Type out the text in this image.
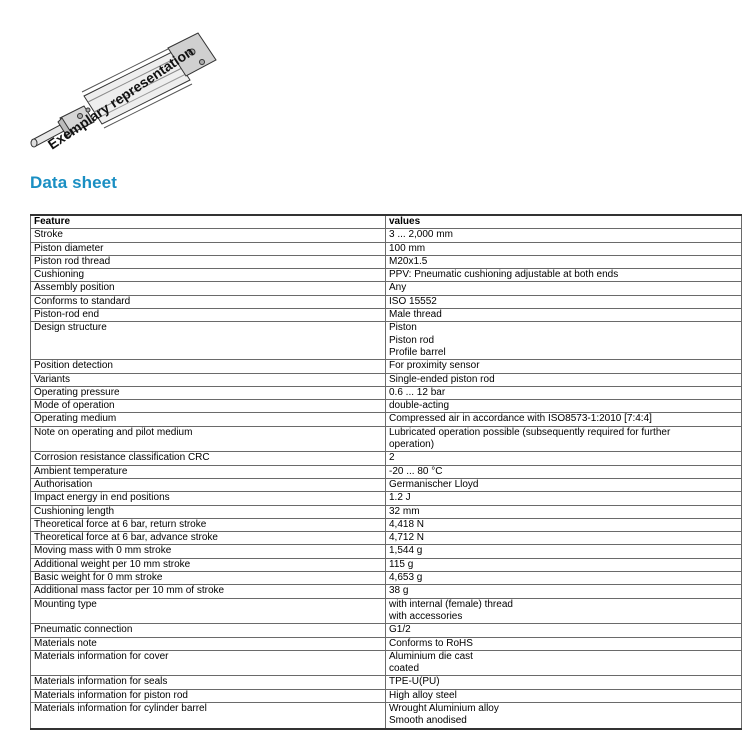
Exemplary representation
Data sheet
Feature	values
Stroke	3 ... 2,000 mm

Piston diameter	100 mm

Piston rod thread	M20x1.5

Cushioning	PPV: Pneumatic cushioning adjustable at both ends

Assembly position	Any

Conforms to standard	ISO 15552

Piston-rod end	Male thread

Design structure	Piston
Piston rod
Profile barrel

Position detection	For proximity sensor

Variants	Single-ended piston rod

Operating pressure	0.6 ... 12 bar

Mode of operation	double-acting

Operating medium	Compressed air in accordance with ISO8573-1:2010 [7:4:4]

Note on operating and pilot medium	Lubricated operation possible (subsequently required for further
operation)

Corrosion resistance classification CRC	2

Ambient temperature	-20 ... 80 °C

Authorisation	Germanischer Lloyd

Impact energy in end positions	1.2 J

Cushioning length	32 mm

Theoretical force at 6 bar, return stroke	4,418 N

Theoretical force at 6 bar, advance stroke	4,712 N

Moving mass with 0 mm stroke	1,544 g

Additional weight per 10 mm stroke	115 g

Basic weight for 0 mm stroke	4,653 g

Additional mass factor per 10 mm of stroke	38 g

Mounting type	with internal (female) thread
with accessories

Pneumatic connection	G1/2

Materials note	Conforms to RoHS

Materials information for cover	Aluminium die cast
coated

Materials information for seals	TPE-U(PU)

Materials information for piston rod	High alloy steel

Materials information for cylinder barrel	Wrought Aluminium alloy
Smooth anodised
